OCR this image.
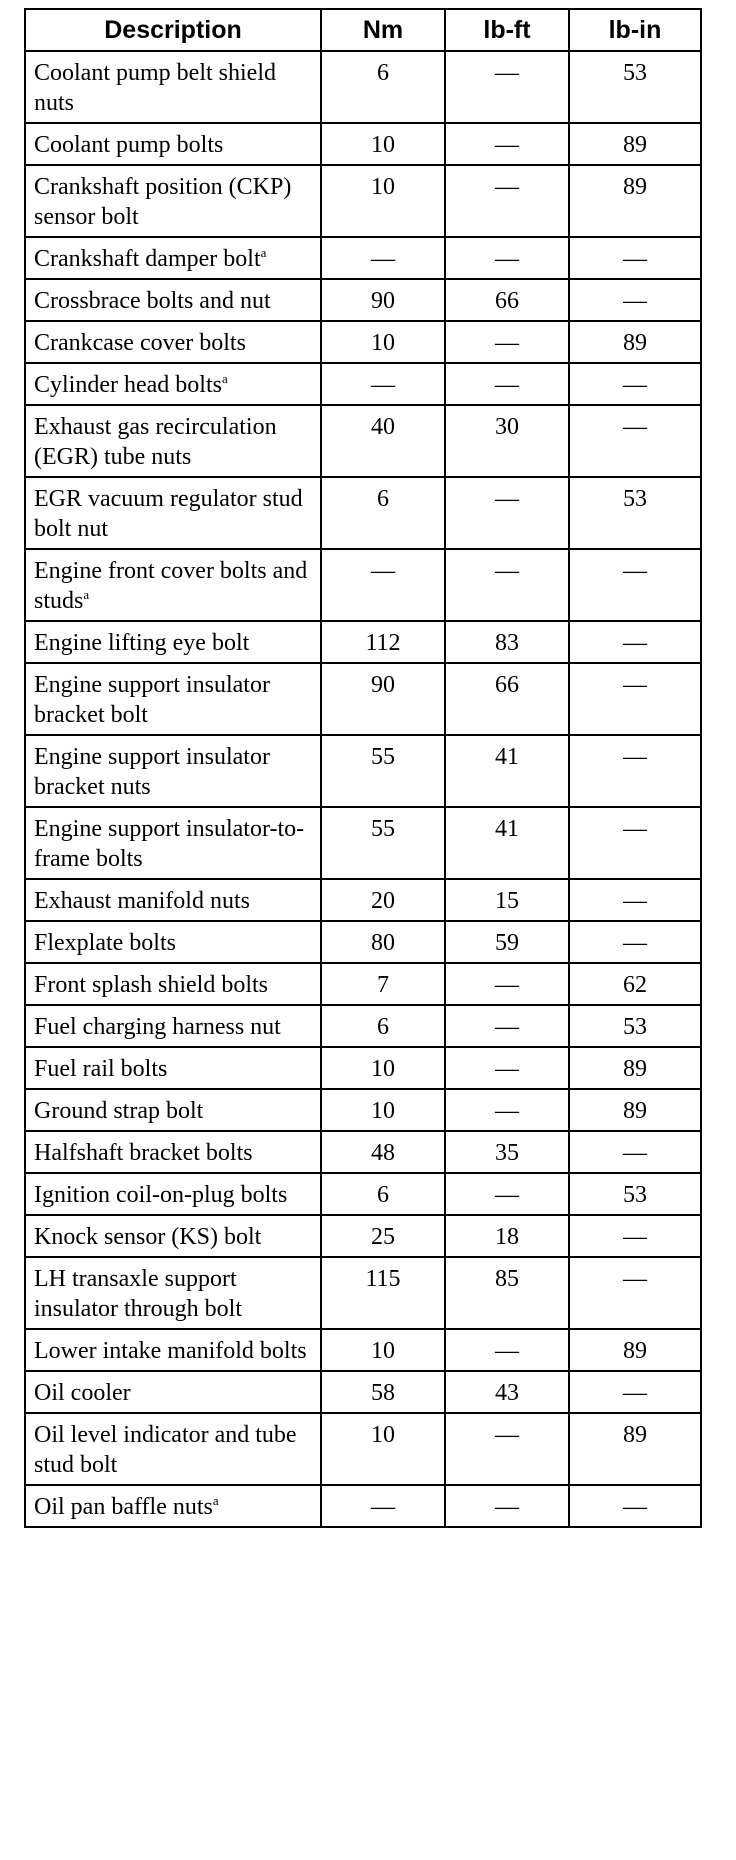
Description	Nm	lb-ft	lb-in
Coolant pump belt shield nuts	6	—	53
Coolant pump bolts	10	—	89
Crankshaft position (CKP) sensor bolt	10	—	89
Crankshaft damper bolt$^a$	—	—	—
Crossbrace bolts and nut	90	66	—
Crankcase cover bolts	10	—	89
Cylinder head bolts$^a$	—	—	—
Exhaust gas recirculation (EGR) tube nuts	40	30	—
EGR vacuum regulator stud bolt nut	6	—	53
Engine front cover bolts and studs$^a$	—	—	—
Engine lifting eye bolt	112	83	—
Engine support insulator bracket bolt	90	66	—
Engine support insulator bracket nuts	55	41	—
Engine support insulator-to-frame bolts	55	41	—
Exhaust manifold nuts	20	15	—
Flexplate bolts	80	59	—
Front splash shield bolts	7	—	62
Fuel charging harness nut	6	—	53
Fuel rail bolts	10	—	89
Ground strap bolt	10	—	89
Halfshaft bracket bolts	48	35	—
Ignition coil-on-plug bolts	6	—	53
Knock sensor (KS) bolt	25	18	—
LH transaxle support insulator through bolt	115	85	—
Lower intake manifold bolts	10	—	89
Oil cooler	58	43	—
Oil level indicator and tube stud bolt	10	—	89
Oil pan baffle nuts$^a$	—	—	—
